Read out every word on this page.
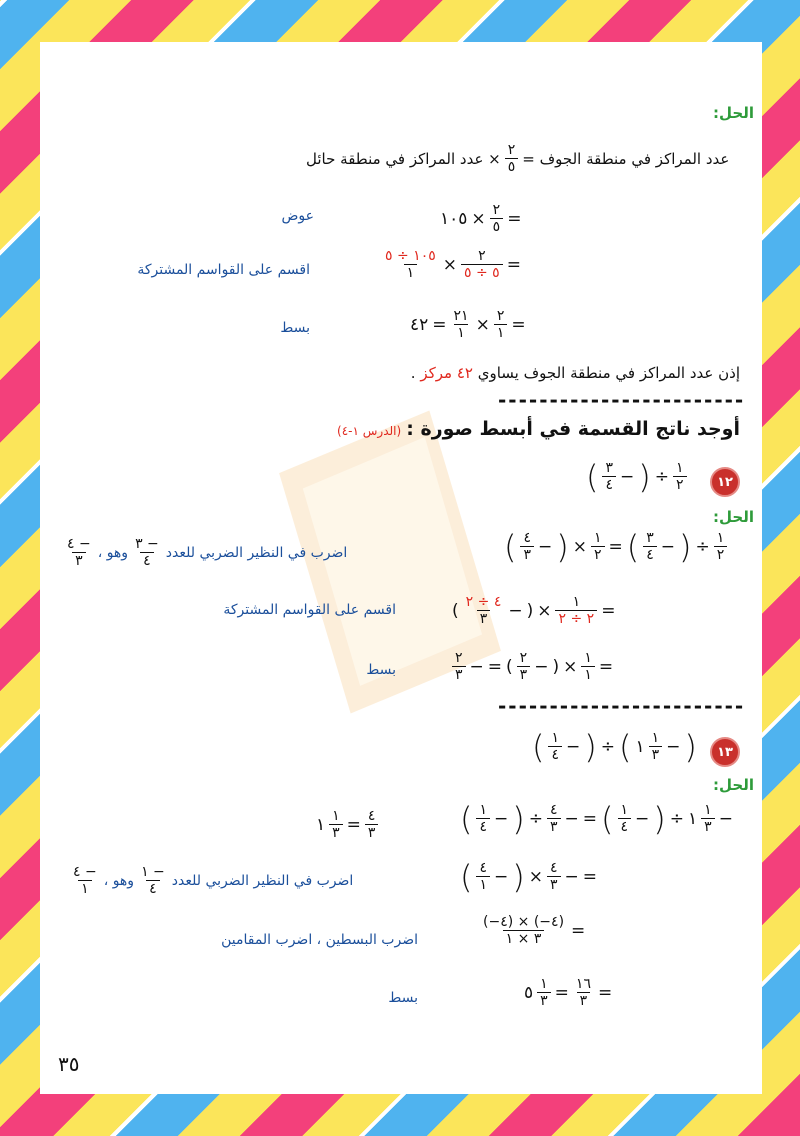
الحل:
× عدد المراكز في منطقة حائل $\frac{٢}{٥}$ عدد المراكز في منطقة الجوف =
١٠٥ × $\frac{٢}{٥}$ =
عوض
$\frac{١٠٥ \div ٥}{١} \times \frac{٢}{٥ \div ٥}$ =
اقسم على القواسم المشتركة
٤٢ = $\frac{٢١}{١} \times \frac{٢}{١}$ =
بسط
إذن عدد المراكز في منطقة الجوف يساوي ٤٢ مركز .
------------------------
أوجد ناتج القسمة في أبسط صورة : (الدرس ١-٤)
( $\frac{٣}{٤}$ − ) ÷ $\frac{١}{٢}$	١٢
الحل:
( $\frac{٤}{٣}$ − ) × $\frac{١}{٢}$ = ( $\frac{٣}{٤}$ − ) ÷ $\frac{١}{٢}$
$\frac{٤ -}{٣}$ ، وهو $\frac{٣ -}{٤}$ اضرب في النظير الضربي للعدد
( $\frac{٤ \div ٢}{٣}$ − ) × $\frac{١}{٢ \div ٢}$ =
اقسم على القواسم المشتركة
$\frac{٢}{٣}$ − = ( $\frac{٢}{٣}$ − ) × $\frac{١}{١}$ =
بسط
------------------------
( $\frac{١}{٤}$ − ) ÷ ( ١ $\frac{١}{٣}$ − )	١٣
الحل:
( $\frac{١}{٤}$ − ) ÷ $\frac{٤}{٣}$ − = ( $\frac{١}{٤}$ − ) ÷ ١ $\frac{١}{٣}$ −
١ $\frac{١}{٣} = \frac{٤}{٣}$
( $\frac{٤}{١}$ − ) × $\frac{٤}{٣}$ − =
$\frac{٤ -}{١}$ ، وهو $\frac{١ -}{٤}$ اضرب في النظير الضربي للعدد
$\frac{(-٤) \times (-٤)}{٣ \times ١}$ =
اضرب البسطين ، اضرب المقامين
٥ $\frac{١}{٣} = \frac{١٦}{٣}$ =
بسط
٣٥
